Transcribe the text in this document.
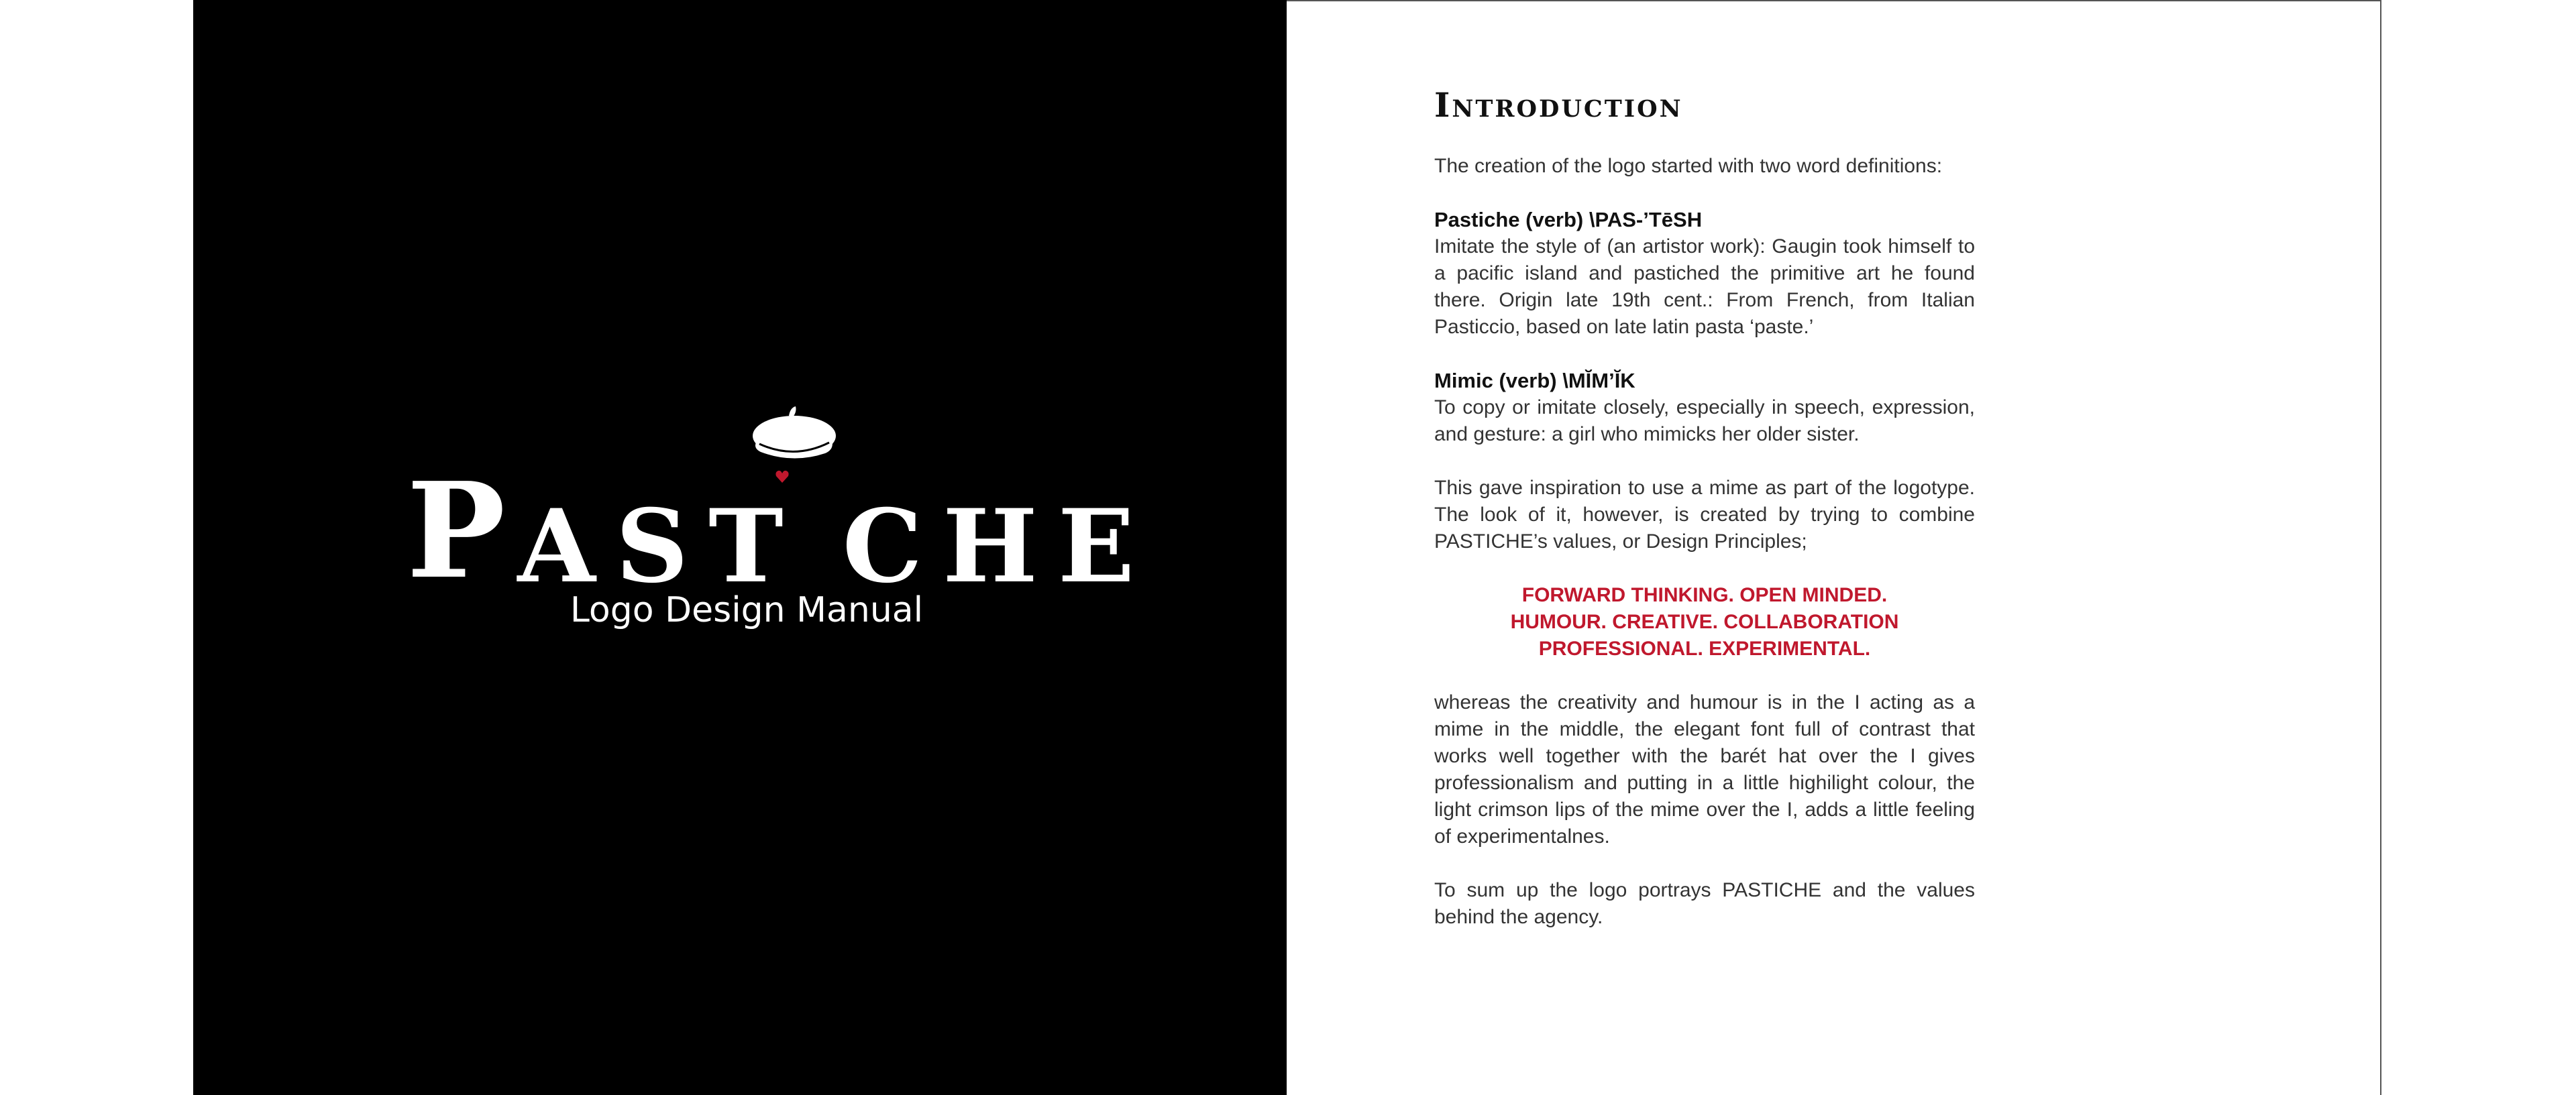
P AST CHE
Logo Design Manual
Introduction

The creation of the logo started with two word definitions:

Pastiche (verb) \PAS-’TēSH

Imitate the style of (an artistor work): Gaugin took himself to a pacific island and pastiched the primitive art he found there. Origin late 19th cent.: From French, from Italian Pasticcio, based on late latin pasta ‘paste.’

Mimic (verb) \MĬM’ĬK

To copy or imitate closely, especially in speech, expression, and gesture: a girl who mimicks her older sister.

This gave inspiration to use a mime as part of the logotype. The look of it, however, is created by trying to combine PASTICHE’s values, or Design Principles;

FORWARD THINKING. OPEN MINDED.
HUMOUR. CREATIVE. COLLABORATION
PROFESSIONAL. EXPERIMENTAL.

whereas the creativity and humour is in the I acting as a mime in the middle, the elegant font full of contrast that works well together with the barét hat over the I gives professionalism and putting in a little highilight colour, the light crimson lips of the mime over the I, adds a little feeling of experimentalnes.

To sum up the logo portrays PASTICHE and the values behind the agency.
